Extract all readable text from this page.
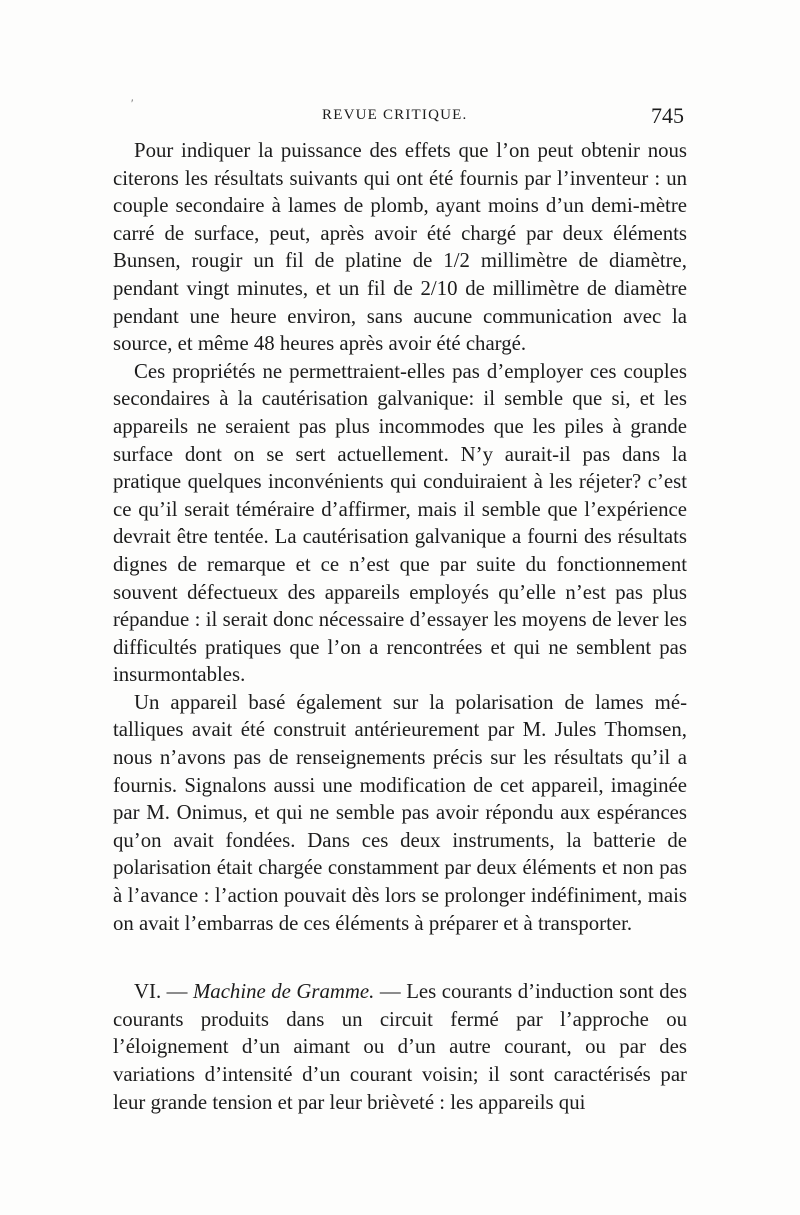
′
REVUE CRITIQUE.	745

Pour indiquer la puissance des effets que l’on peut obtenir nous citerons les résultats suivants qui ont été fournis par l’inventeur : un couple secondaire à lames de plomb, ayant moins d’un demi-mètre carré de surface, peut, après avoir été chargé par deux éléments Bunsen, rougir un fil de platine de 1/2 millimètre de diamètre, pendant vingt minutes, et un fil de 2/10 de millimètre de diamètre pendant une heure environ, sans aucune communication avec la source, et même 48 heures après avoir été chargé.

Ces propriétés ne permettraient-elles pas d’employer ces couples secondaires à la cautérisation galvanique: il semble que si, et les appareils ne seraient pas plus incommodes que les piles à grande surface dont on se sert actuellement. N’y aurait-il pas dans la pratique quelques inconvénients qui conduiraient à les réjeter? c’est ce qu’il serait téméraire d’affirmer, mais il semble que l’expérience devrait être tentée. La cautérisation galvanique a fourni des résultats dignes de remarque et ce n’est que par suite du fonctionnement souvent défectueux des appareils employés qu’elle n’est pas plus répandue : il serait donc nécessaire d’essayer les moyens de lever les difficultés pratiques que l’on a rencontrées et qui ne semblent pas insurmontables.

Un appareil basé également sur la polarisation de lames métalliques avait été construit antérieurement par M. Jules Thomsen, nous n’avons pas de renseignements précis sur les résultats qu’il a fournis. Signalons aussi une modification de cet appareil, imaginée par M. Onimus, et qui ne semble pas avoir répondu aux espérances qu’on avait fondées. Dans ces deux instruments, la batterie de polarisation était chargée constamment par deux éléments et non pas à l’avance : l’action pouvait dès lors se prolonger indéfiniment, mais on avait l’embarras de ces éléments à préparer et à transporter.

VI. — Machine de Gramme. — Les courants d’induction sont des courants produits dans un circuit fermé par l’approche ou l’éloignement d’un aimant ou d’un autre courant, ou par des variations d’intensité d’un courant voisin; il sont caractérisés par leur grande tension et par leur brièveté : les appareils qui
